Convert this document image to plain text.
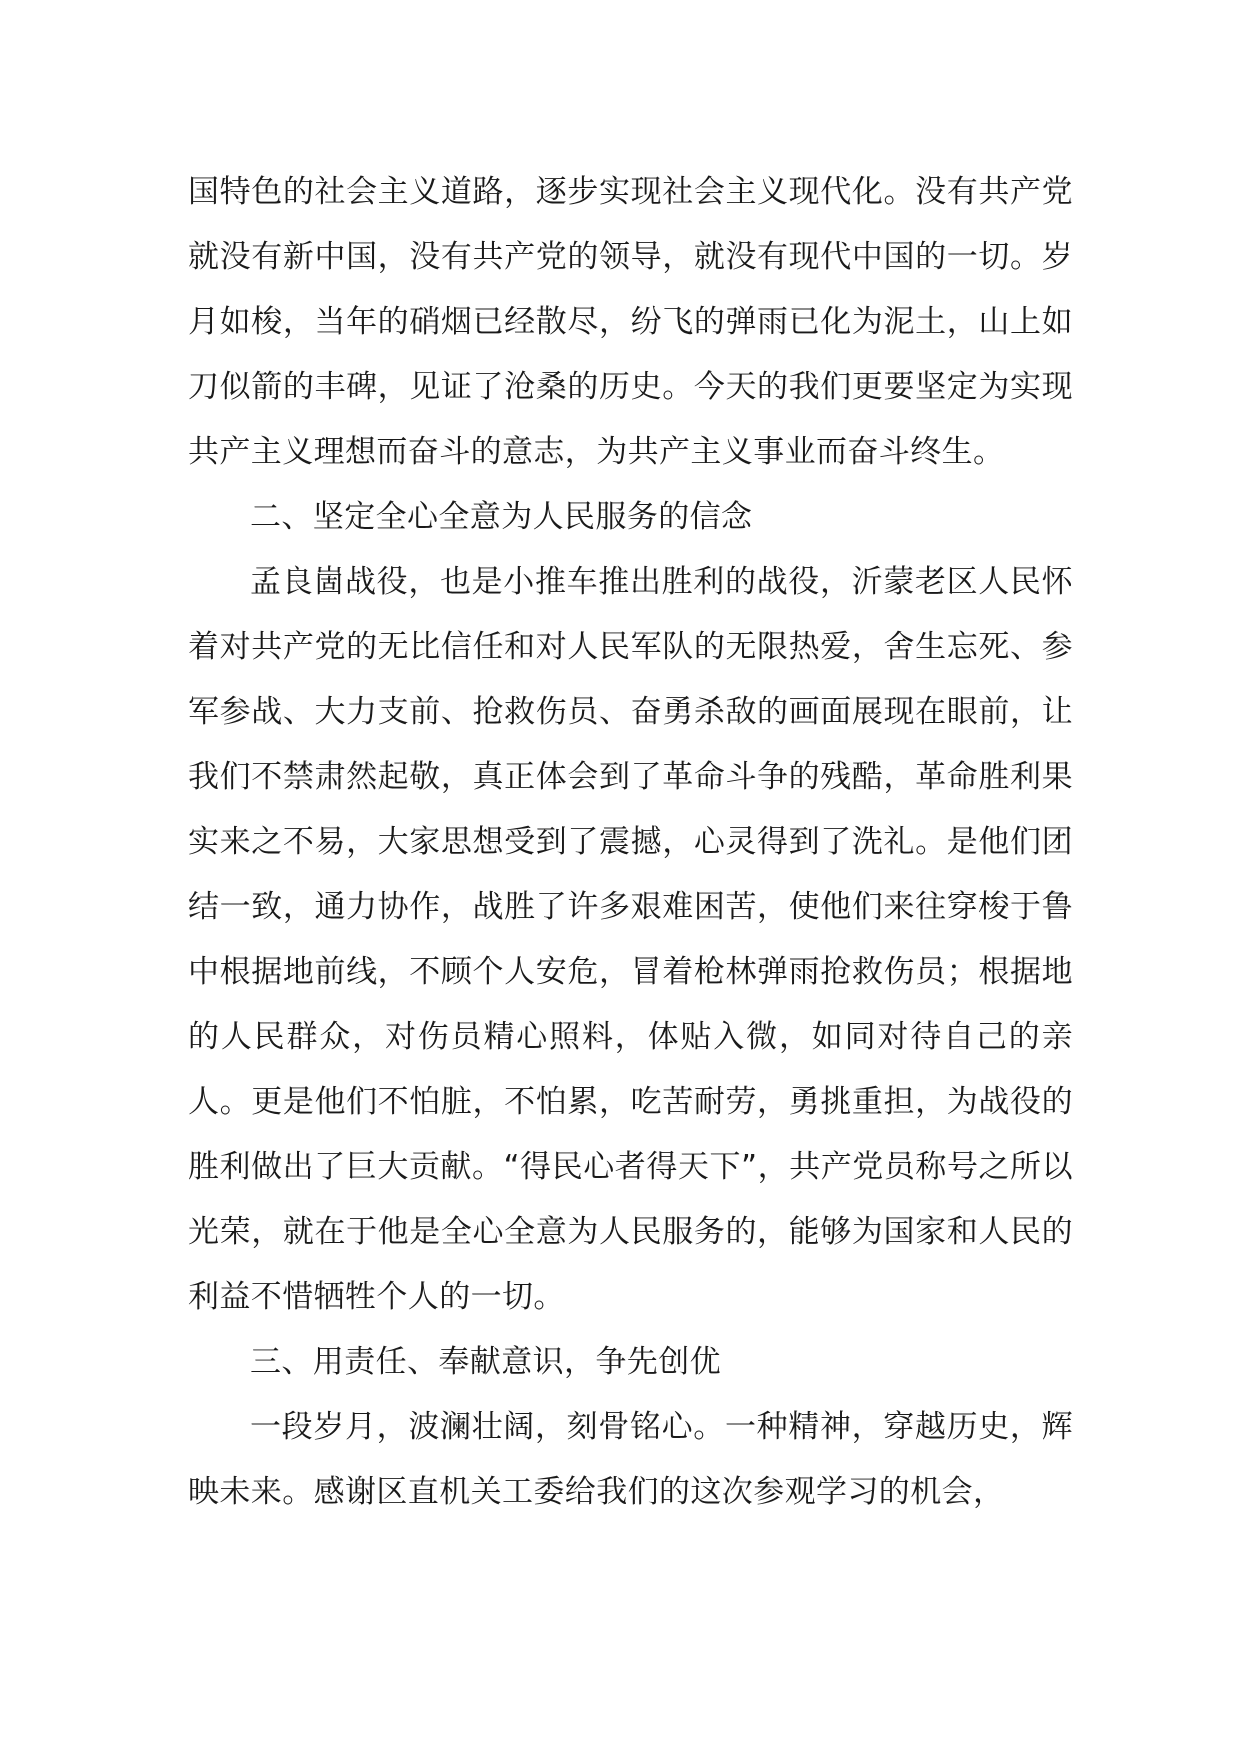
国特色的社会主义道路，逐步实现社会主义现代化。没有共产党就没有新中国，没有共产党的领导，就没有现代中国的一切。岁月如梭，当年的硝烟已经散尽，纷飞的弹雨已化为泥土，山上如刀似箭的丰碑，见证了沧桑的历史。今天的我们更要坚定为实现共产主义理想而奋斗的意志，为共产主义事业而奋斗终生。

二、坚定全心全意为人民服务的信念

孟良崮战役，也是小推车推出胜利的战役，沂蒙老区人民怀着对共产党的无比信任和对人民军队的无限热爱，舍生忘死、参军参战、大力支前、抢救伤员、奋勇杀敌的画面展现在眼前，让我们不禁肃然起敬，真正体会到了革命斗争的残酷，革命胜利果实来之不易，大家思想受到了震撼，心灵得到了洗礼。是他们团结一致，通力协作，战胜了许多艰难困苦，使他们来往穿梭于鲁中根据地前线，不顾个人安危，冒着枪林弹雨抢救伤员；根据地的人民群众，对伤员精心照料，体贴入微，如同对待自己的亲人。更是他们不怕脏，不怕累，吃苦耐劳，勇挑重担，为战役的胜利做出了巨大贡献。“得民心者得天下”，共产党员称号之所以光荣，就在于他是全心全意为人民服务的，能够为国家和人民的利益不惜牺牲个人的一切。

三、用责任、奉献意识，争先创优

一段岁月，波澜壮阔，刻骨铭心。一种精神，穿越历史，辉映未来。感谢区直机关工委给我们的这次参观学习的机会，
